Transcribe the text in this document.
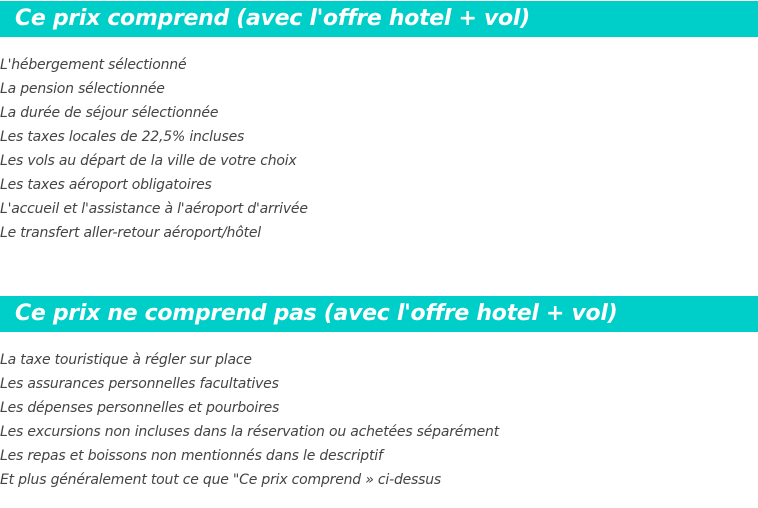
Ce prix comprend (avec l'offre hotel + vol)
L'hébergement sélectionné
La pension sélectionnée
La durée de séjour sélectionnée
Les taxes locales de 22,5% incluses
Les vols au départ de la ville de votre choix
Les taxes aéroport obligatoires
L'accueil et l'assistance à l'aéroport d'arrivée
Le transfert aller-retour aéroport/hôtel
Ce prix ne comprend pas (avec l'offre hotel + vol)
La taxe touristique à régler sur place
Les assurances personnelles facultatives
Les dépenses personnelles et pourboires
Les excursions non incluses dans la réservation ou achetées séparément
Les repas et boissons non mentionnés dans le descriptif
Et plus généralement tout ce que "Ce prix comprend » ci-dessus
